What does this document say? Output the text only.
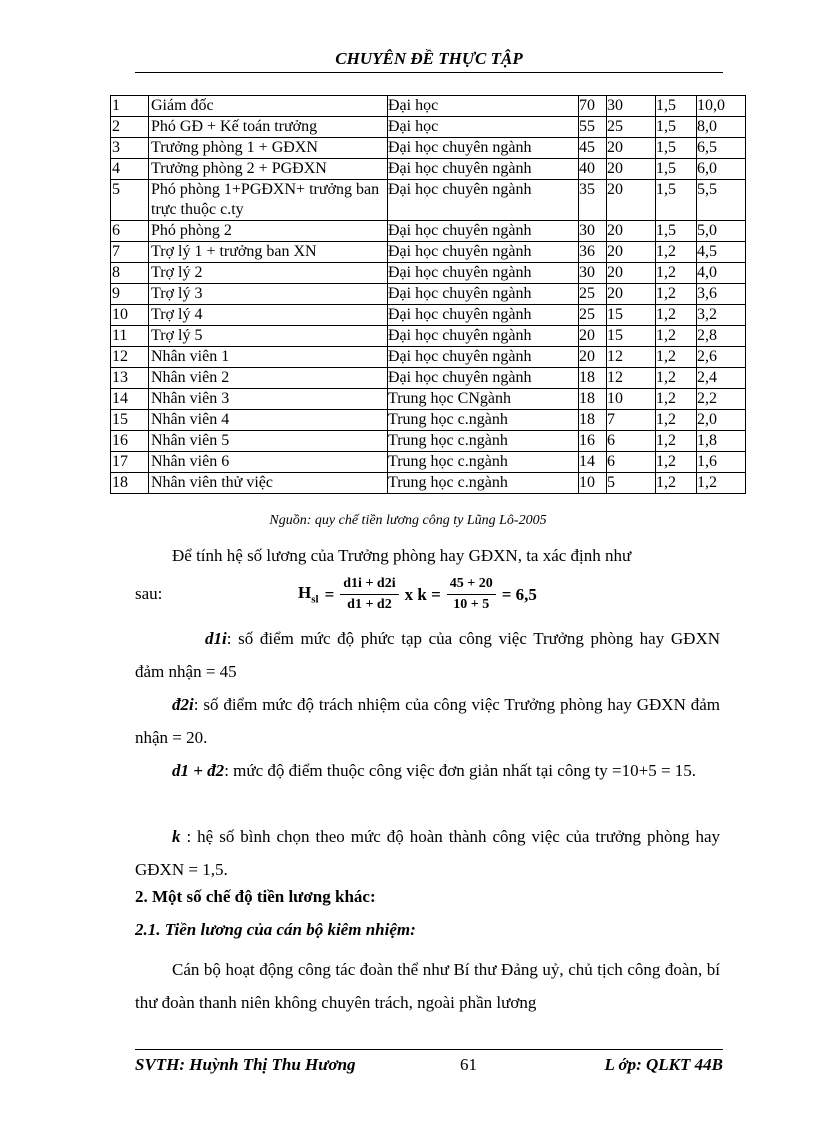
CHUYÊN ĐỀ THỰC TẬP
1	Giám đốc	Đại học	70	30	1,5	10,0
2	Phó GĐ + Kế toán trưởng	Đại học	55	25	1,5	8,0
3	Trưởng phòng 1 + GĐXN	Đại học chuyên ngành	45	20	1,5	6,5
4	Trưởng phòng 2 + PGĐXN	Đại học chuyên ngành	40	20	1,5	6,0
5	Phó phòng 1+PGĐXN+ trưởng ban trực thuộc c.ty	Đại học chuyên ngành	35	20	1,5	5,5
6	Phó phòng 2	Đại học chuyên ngành	30	20	1,5	5,0
7	Trợ lý 1 + trưởng ban XN	Đại học chuyên ngành	36	20	1,2	4,5
8	Trợ lý 2	Đại học chuyên ngành	30	20	1,2	4,0
9	Trợ lý 3	Đại học chuyên ngành	25	20	1,2	3,6
10	Trợ lý 4	Đại học chuyên ngành	25	15	1,2	3,2
11	Trợ lý 5	Đại học chuyên ngành	20	15	1,2	2,8
12	Nhân viên 1	Đại học chuyên ngành	20	12	1,2	2,6
13	Nhân viên 2	Đại học chuyên ngành	18	12	1,2	2,4
14	Nhân viên 3	Trung học CNgành	18	10	1,2	2,2
15	Nhân viên 4	Trung học c.ngành	18	7	1,2	2,0
16	Nhân viên 5	Trung học c.ngành	16	6	1,2	1,8
17	Nhân viên 6	Trung học c.ngành	14	6	1,2	1,6
18	Nhân viên thử việc	Trung học c.ngành	10	5	1,2	1,2
Nguồn: quy chế tiền lương công ty Lũng Lô-2005
Để tính hệ số lương của Trưởng phòng hay GĐXN, ta xác định như
sau:	$H_{sl} = \frac{d1i + d2i}{d1 + d2}$ x $k = \frac{45 + 20}{10 + 5} = 6,5$
d1i: số điểm mức độ phức tạp của công việc Trưởng phòng hay GĐXN đảm nhận = 45
đ2i: số điểm mức độ trách nhiệm của công việc Trưởng phòng hay GĐXN đảm nhận = 20.
d1 + đ2: mức độ điểm thuộc công việc đơn giản nhất tại công ty =10+5 = 15.
k : hệ số bình chọn theo mức độ hoàn thành công việc của trưởng phòng hay GĐXN = 1,5.
2. Một số chế độ tiền lương khác:
2.1. Tiền lương của cán bộ kiêm nhiệm:
Cán bộ hoạt động công tác đoàn thể như Bí thư Đảng uỷ, chủ tịch công đoàn, bí thư đoàn thanh niên không chuyên trách, ngoài phần lương
SVTH: Huỳnh Thị Thu Hương	61	L ớp: QLKT 44B
